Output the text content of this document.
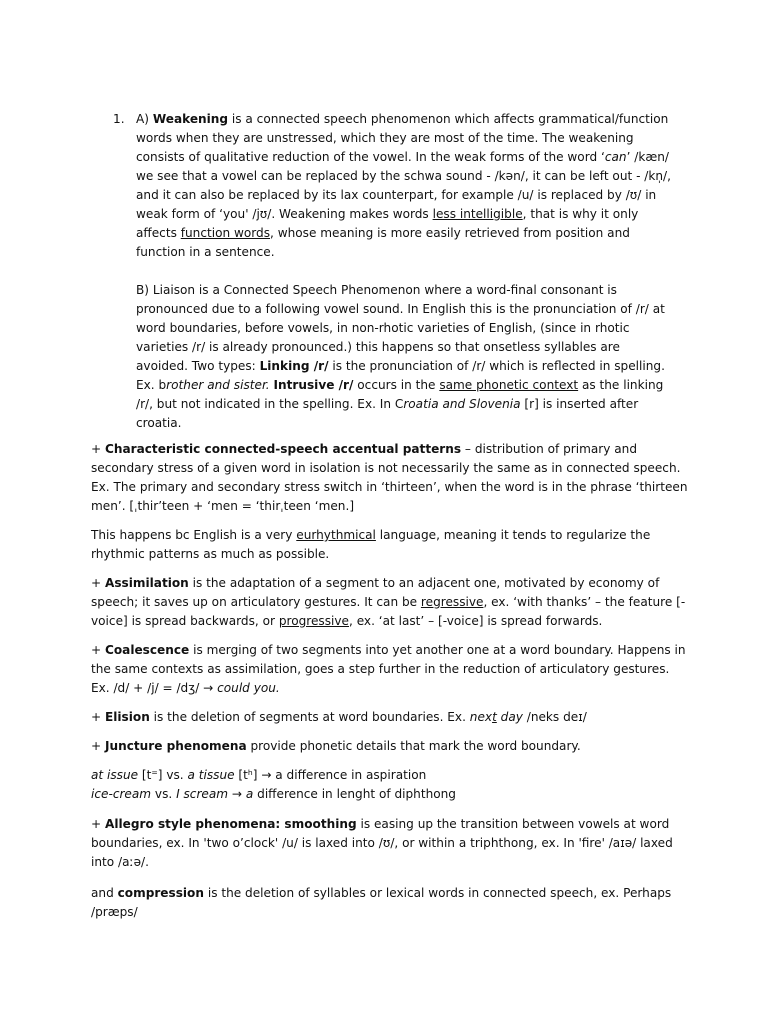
1. A) Weakening is a connected speech phenomenon which affects grammatical/function words when they are unstressed, which they are most of the time. The weakening consists of qualitative reduction of the vowel. In the weak forms of the word ‘can’ /kæn/ we see that a vowel can be replaced by the schwa sound - /kən/, it can be left out - /kn̩/, and it can also be replaced by its lax counterpart, for example /u/ is replaced by /ʊ/ in weak form of ‘you' /jʊ/. Weakening makes words less intelligible, that is why it only affects function words, whose meaning is more easily retrieved from position and function in a sentence.

B) Liaison is a Connected Speech Phenomenon where a word-final consonant is pronounced due to a following vowel sound. In English this is the pronunciation of /r/ at word boundaries, before vowels, in non-rhotic varieties of English, (since in rhotic varieties /r/ is already pronounced.) this happens so that onsetless syllables are avoided. Two types: Linking /r/ is the pronunciation of /r/ which is reflected in spelling. Ex. brother and sister. Intrusive /r/ occurs in the same phonetic context as the linking /r/, but not indicated in the spelling. Ex. In Croatia and Slovenia [r] is inserted after croatia.

+ Characteristic connected-speech accentual patterns – distribution of primary and secondary stress of a given word in isolation is not necessarily the same as in connected speech. Ex. The primary and secondary stress switch in ‘thirteen’, when the word is in the phrase ‘thirteen men’. [ˌthir’teen + ‘men = ‘thirˌteen ‘men.]

This happens bc English is a very eurhythmical language, meaning it tends to regularize the rhythmic patterns as much as possible.

+ Assimilation is the adaptation of a segment to an adjacent one, motivated by economy of speech; it saves up on articulatory gestures. It can be regressive, ex. ‘with thanks’ – the feature [-voice] is spread backwards, or progressive, ex. ‘at last’ – [-voice] is spread forwards.

+ Coalescence is merging of two segments into yet another one at a word boundary. Happens in the same contexts as assimilation, goes a step further in the reduction of articulatory gestures. Ex. /d/ + /j/ = /dʒ/ → could you.

+ Elision is the deletion of segments at word boundaries. Ex. next day /neks deɪ/

+ Juncture phenomena provide phonetic details that mark the word boundary.

at issue [t⁼] vs. a tissue [tʰ] → a difference in aspiration

ice-cream vs. I scream → a difference in lenght of diphthong

+ Allegro style phenomena: smoothing is easing up the transition between vowels at word boundaries, ex. In 'two o’clock' /u/ is laxed into /ʊ/, or within a triphthong, ex. In 'fire' /aɪə/ laxed into /aːə/.

and compression is the deletion of syllables or lexical words in connected speech, ex. Perhaps /præps/
